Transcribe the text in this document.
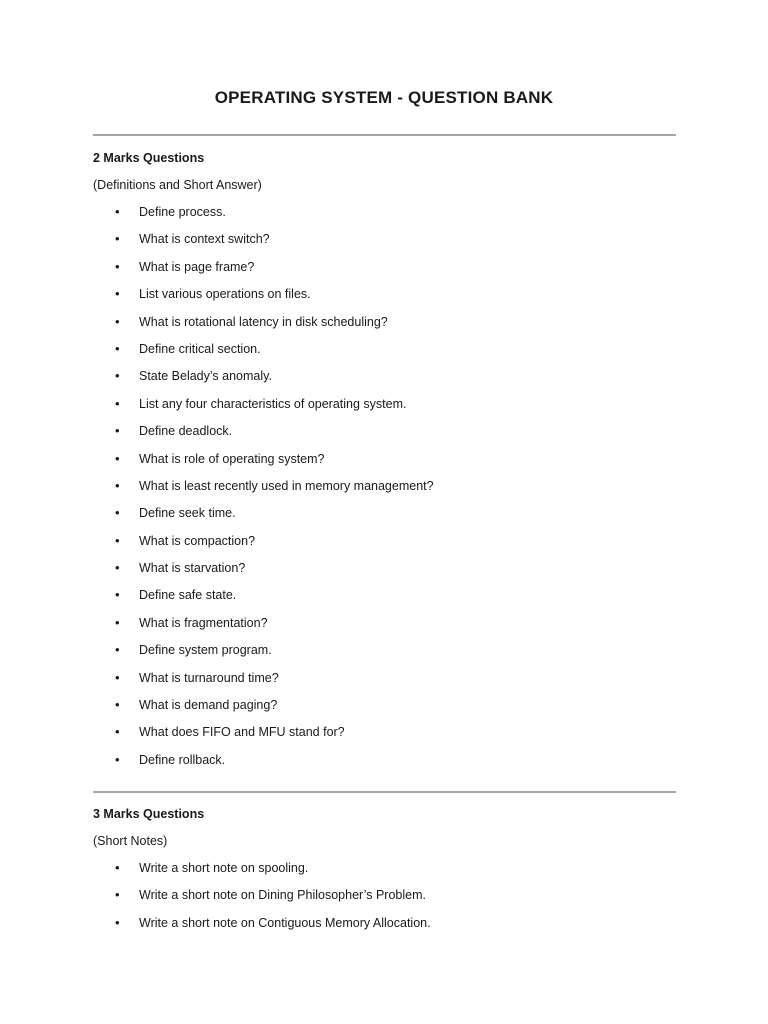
OPERATING SYSTEM - QUESTION BANK

2 Marks Questions

(Definitions and Short Answer)

•	Define process.
•	What is context switch?
•	What is page frame?
•	List various operations on files.
•	What is rotational latency in disk scheduling?
•	Define critical section.
•	State Belady’s anomaly.
•	List any four characteristics of operating system.
•	Define deadlock.
•	What is role of operating system?
•	What is least recently used in memory management?
•	Define seek time.
•	What is compaction?
•	What is starvation?
•	Define safe state.
•	What is fragmentation?
•	Define system program.
•	What is turnaround time?
•	What is demand paging?
•	What does FIFO and MFU stand for?
•	Define rollback.

3 Marks Questions

(Short Notes)

•	Write a short note on spooling.
•	Write a short note on Dining Philosopher’s Problem.
•	Write a short note on Contiguous Memory Allocation.
